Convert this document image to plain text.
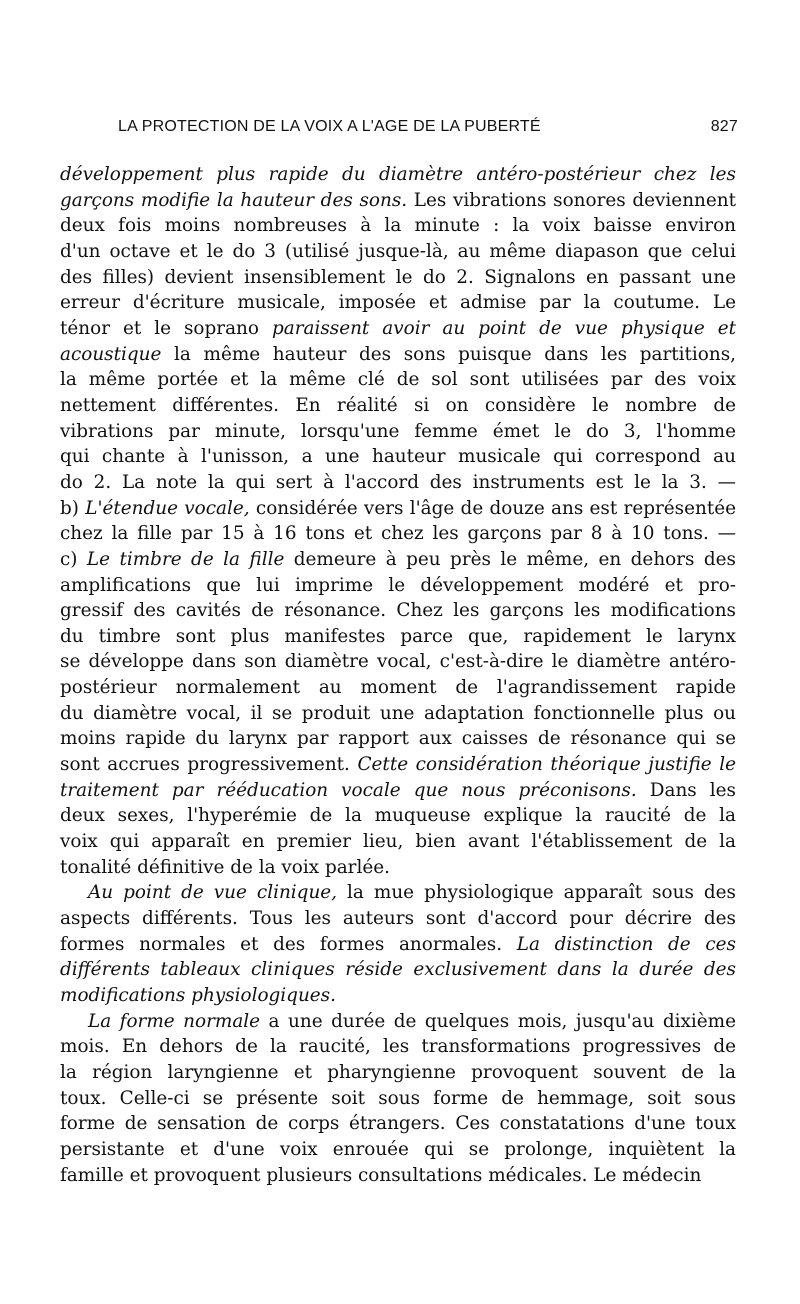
LA PROTECTION DE LA VOIX A L'AGE DE LA PUBERTÉ	827

développement plus rapide du diamètre antéro-postérieur chez les

garçons modifie la hauteur des sons. Les vibrations sonores deviennent

deux fois moins nombreuses à la minute : la voix baisse environ

d'un octave et le do 3 (utilisé jusque-là, au même diapason que celui

des filles) devient insensiblement le do 2. Signalons en passant une

erreur d'écriture musicale, imposée et admise par la coutume. Le

ténor et le soprano paraissent avoir au point de vue physique et

acoustique la même hauteur des sons puisque dans les partitions,

la même portée et la même clé de sol sont utilisées par des voix

nettement différentes. En réalité si on considère le nombre de

vibrations par minute, lorsqu'une femme émet le do 3, l'homme

qui chante à l'unisson, a une hauteur musicale qui correspond au

do 2. La note la qui sert à l'accord des instruments est le la 3. —

b) L'étendue vocale, considérée vers l'âge de douze ans est représentée

chez la fille par 15 à 16 tons et chez les garçons par 8 à 10 tons. —

c) Le timbre de la fille demeure à peu près le même, en dehors des

amplifications que lui imprime le développement modéré et pro-

gressif des cavités de résonance. Chez les garçons les modifications

du timbre sont plus manifestes parce que, rapidement le larynx

se développe dans son diamètre vocal, c'est-à-dire le diamètre antéro-

postérieur normalement au moment de l'agrandissement rapide

du diamètre vocal, il se produit une adaptation fonctionnelle plus ou

moins rapide du larynx par rapport aux caisses de résonance qui se

sont accrues progressivement. Cette considération théorique justifie le

traitement par rééducation vocale que nous préconisons. Dans les

deux sexes, l'hyperémie de la muqueuse explique la raucité de la

voix qui apparaît en premier lieu, bien avant l'établissement de la

tonalité définitive de la voix parlée.

Au point de vue clinique, la mue physiologique apparaît sous des

aspects différents. Tous les auteurs sont d'accord pour décrire des

formes normales et des formes anormales. La distinction de ces

différents tableaux cliniques réside exclusivement dans la durée des

modifications physiologiques.

La forme normale a une durée de quelques mois, jusqu'au dixième

mois. En dehors de la raucité, les transformations progressives de

la région laryngienne et pharyngienne provoquent souvent de la

toux. Celle-ci se présente soit sous forme de hemmage, soit sous

forme de sensation de corps étrangers. Ces constatations d'une toux

persistante et d'une voix enrouée qui se prolonge, inquiètent la

famille et provoquent plusieurs consultations médicales. Le médecin
